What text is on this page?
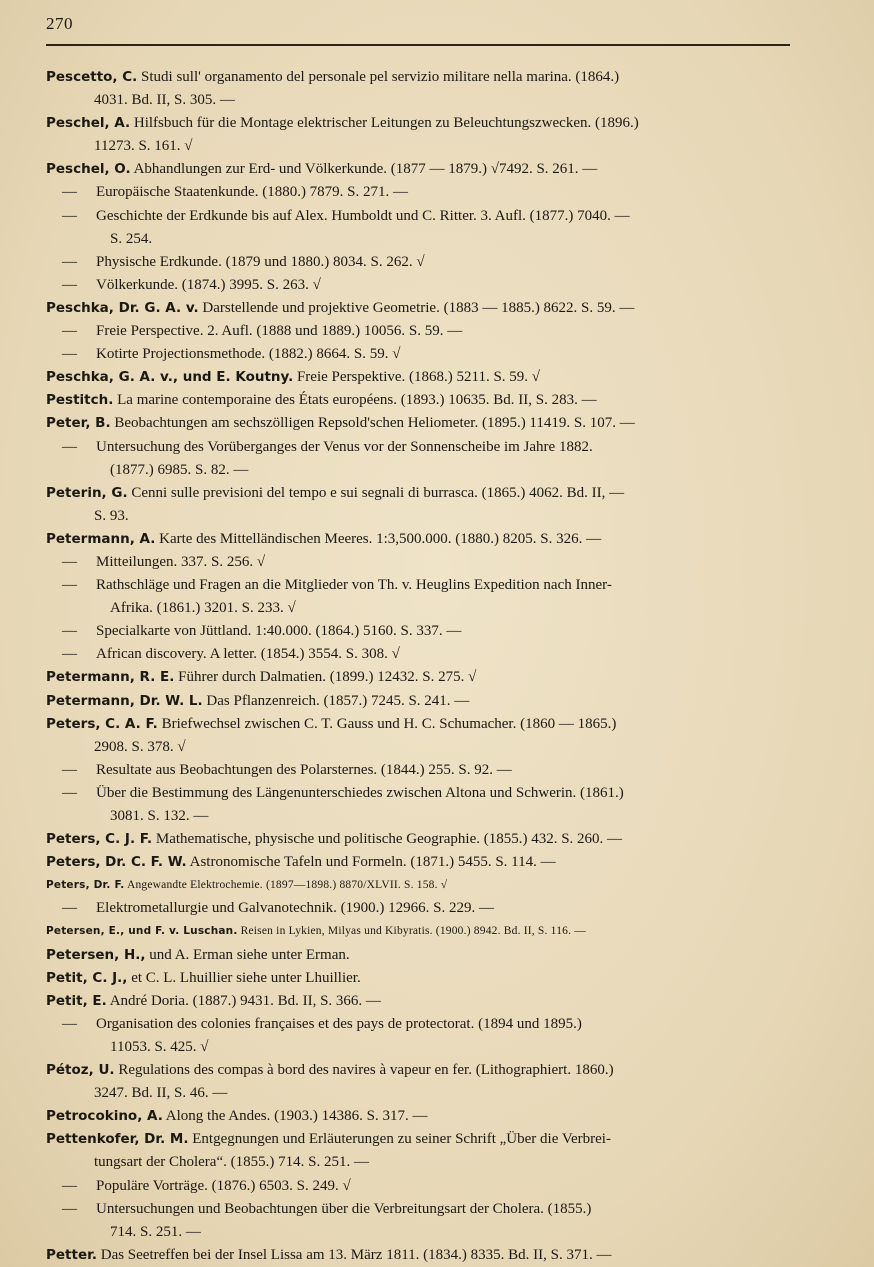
270
Pescetto, C. Studi sull' organamento del personale pel servizio militare nella marina. (1864.)
4031. Bd. II, S. 305. —
Peschel, A. Hilfsbuch für die Montage elektrischer Leitungen zu Beleuchtungszwecken. (1896.)
11273. S. 161. √
Peschel, O. Abhandlungen zur Erd- und Völkerkunde. (1877 — 1879.) √7492. S. 261. —
— Europäische Staatenkunde. (1880.) 7879. S. 271. —
— Geschichte der Erdkunde bis auf Alex. Humboldt und C. Ritter. 3. Aufl. (1877.) 7040. —
S. 254.
— Physische Erdkunde. (1879 und 1880.) 8034. S. 262. √
— Völkerkunde. (1874.) 3995. S. 263. √
Peschka, Dr. G. A. v. Darstellende und projektive Geometrie. (1883 — 1885.) 8622. S. 59. —
— Freie Perspective. 2. Aufl. (1888 und 1889.) 10056. S. 59. —
— Kotirte Projectionsmethode. (1882.) 8664. S. 59. √
Peschka, G. A. v., und E. Koutny. Freie Perspektive. (1868.) 5211. S. 59. √
Pestitch. La marine contemporaine des États européens. (1893.) 10635. Bd. II, S. 283. —
Peter, B. Beobachtungen am sechszölligen Repsold'schen Heliometer. (1895.) 11419. S. 107. —
— Untersuchung des Vorüberganges der Venus vor der Sonnenscheibe im Jahre 1882.
(1877.) 6985. S. 82. —
Peterin, G. Cenni sulle previsioni del tempo e sui segnali di burrasca. (1865.) 4062. Bd. II, —
S. 93.
Petermann, A. Karte des Mittelländischen Meeres. 1:3,500.000. (1880.) 8205. S. 326. —
— Mitteilungen. 337. S. 256. √
— Rathschläge und Fragen an die Mitglieder von Th. v. Heuglins Expedition nach Inner-
Afrika. (1861.) 3201. S. 233. √
— Specialkarte von Jüttland. 1:40.000. (1864.) 5160. S. 337. —
— African discovery. A letter. (1854.) 3554. S. 308. √
Petermann, R. E. Führer durch Dalmatien. (1899.) 12432. S. 275. √
Petermann, Dr. W. L. Das Pflanzenreich. (1857.) 7245. S. 241. —
Peters, C. A. F. Briefwechsel zwischen C. T. Gauss und H. C. Schumacher. (1860 — 1865.)
2908. S. 378. √
— Resultate aus Beobachtungen des Polarsternes. (1844.) 255. S. 92. —
— Über die Bestimmung des Längenunterschiedes zwischen Altona und Schwerin. (1861.)
3081. S. 132. —
Peters, C. J. F. Mathematische, physische und politische Geographie. (1855.) 432. S. 260. —
Peters, Dr. C. F. W. Astronomische Tafeln und Formeln. (1871.) 5455. S. 114. —
Peters, Dr. F. Angewandte Elektrochemie. (1897—1898.) 8870/XLVII. S. 158. √
— Elektrometallurgie und Galvanotechnik. (1900.) 12966. S. 229. —
Petersen, E., und F. v. Luschan. Reisen in Lykien, Milyas und Kibyratis. (1900.) 8942. Bd. II, S. 116. —
Petersen, H., und A. Erman siehe unter Erman.
Petit, C. J., et C. L. Lhuillier siehe unter Lhuillier.
Petit, E. André Doria. (1887.) 9431. Bd. II, S. 366. —
— Organisation des colonies françaises et des pays de protectorat. (1894 und 1895.)
11053. S. 425. √
Pétoz, U. Regulations des compas à bord des navires à vapeur en fer. (Lithographiert. 1860.)
3247. Bd. II, S. 46. —
Petrocokino, A. Along the Andes. (1903.) 14386. S. 317. —
Pettenkofer, Dr. M. Entgegnungen und Erläuterungen zu seiner Schrift „Über die Verbrei-
tungsart der Cholera“. (1855.) 714. S. 251. —
— Populäre Vorträge. (1876.) 6503. S. 249. √
— Untersuchungen und Beobachtungen über die Verbreitungsart der Cholera. (1855.)
714. S. 251. —
Petter. Das Seetreffen bei der Insel Lissa am 13. März 1811. (1834.) 8335. Bd. II, S. 371. —
